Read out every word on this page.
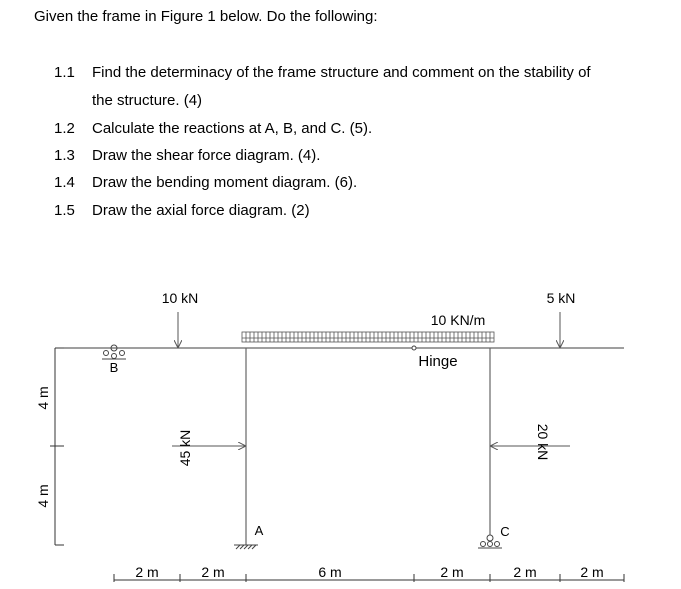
Given the frame in Figure 1 below. Do the following:
1.1	Find the determinacy of the frame structure and comment on the stability of
the structure. (4)
1.2	Calculate the reactions at A, B, and C. (5).
1.3	Draw the shear force diagram. (4).
1.4	Draw the bending moment diagram. (6).
1.5	Draw the axial force diagram. (2)
4 m
4 m
B
10 kN
10 KN/m
Hinge
5 kN
45 kN	20 kN
A	C
2 m	2 m	6 m	2 m	2 m	2 m
